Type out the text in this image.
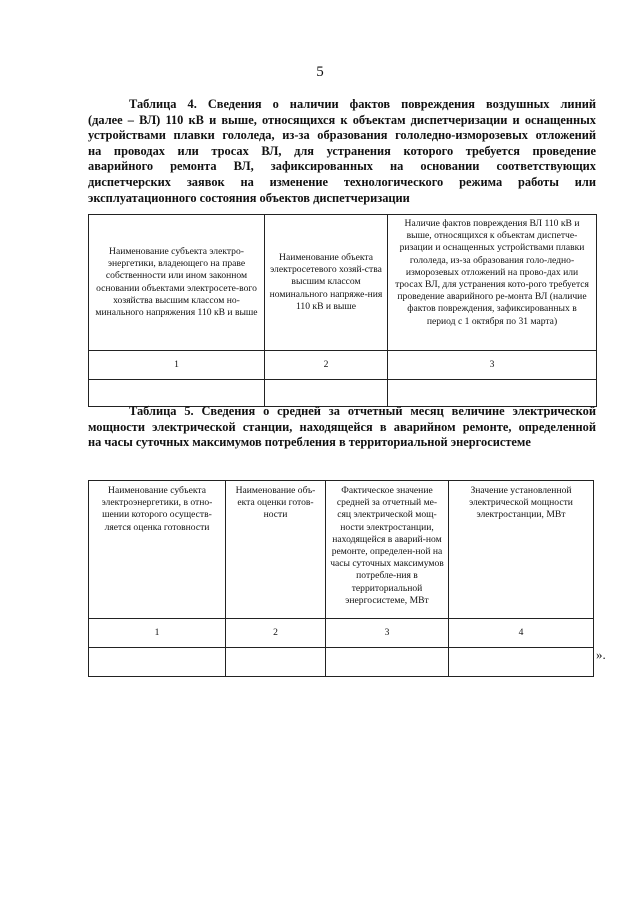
5
Таблица 4. Сведения о наличии фактов повреждения воздушных линий
(далее – ВЛ) 110 кВ и выше, относящихся к объектам диспетчеризации и оснащенных
устройствами плавки гололеда, из-за образования гололедно-изморозевых отложений
на проводах или тросах ВЛ, для устранения которого требуется проведение
аварийного ремонта ВЛ, зафиксированных на основании соответствующих
диспетчерских заявок на изменение технологического режима работы или
эксплуатационного состояния объектов диспетчеризации
Наименование субъекта электро-энергетики, владеющего на праве собственности или ином законном основании объектами электросете-вого хозяйства высшим классом но-минального напряжения 110 кВ и выше	Наименование объекта электросетевого хозяй-ства высшим классом номинального напряже-ния 110 кВ и выше	Наличие фактов повреждения ВЛ 110 кВ и выше, относящихся к объектам диспетче-ризации и оснащенных устройствами плавки гололеда, из-за образования голо-ледно-изморозевых отложений на прово-дах или тросах ВЛ, для устранения кото-рого требуется проведение аварийного ре-монта ВЛ (наличие фактов повреждения, зафиксированных в период с 1 октября по 31 марта)
1	2	3

Таблица 5. Сведения о средней за отчетный месяц величине электрической
мощности электрической станции, находящейся в аварийном ремонте, определенной
на часы суточных максимумов потребления в территориальной энергосистеме
Наименование субъекта электроэнергетики, в отно-шении которого осуществ-ляется оценка готовности	Наименование объ-екта оценки готов-ности	Фактическое значение средней за отчетный ме-сяц электрической мощ-ности электростанции, находящейся в аварий-ном ремонте, определен-ной на часы суточных максимумов потребле-ния в территориальной энергосистеме, МВт	Значение установленной электрической мощности электростанции, МВт
1	2	3	4

».
